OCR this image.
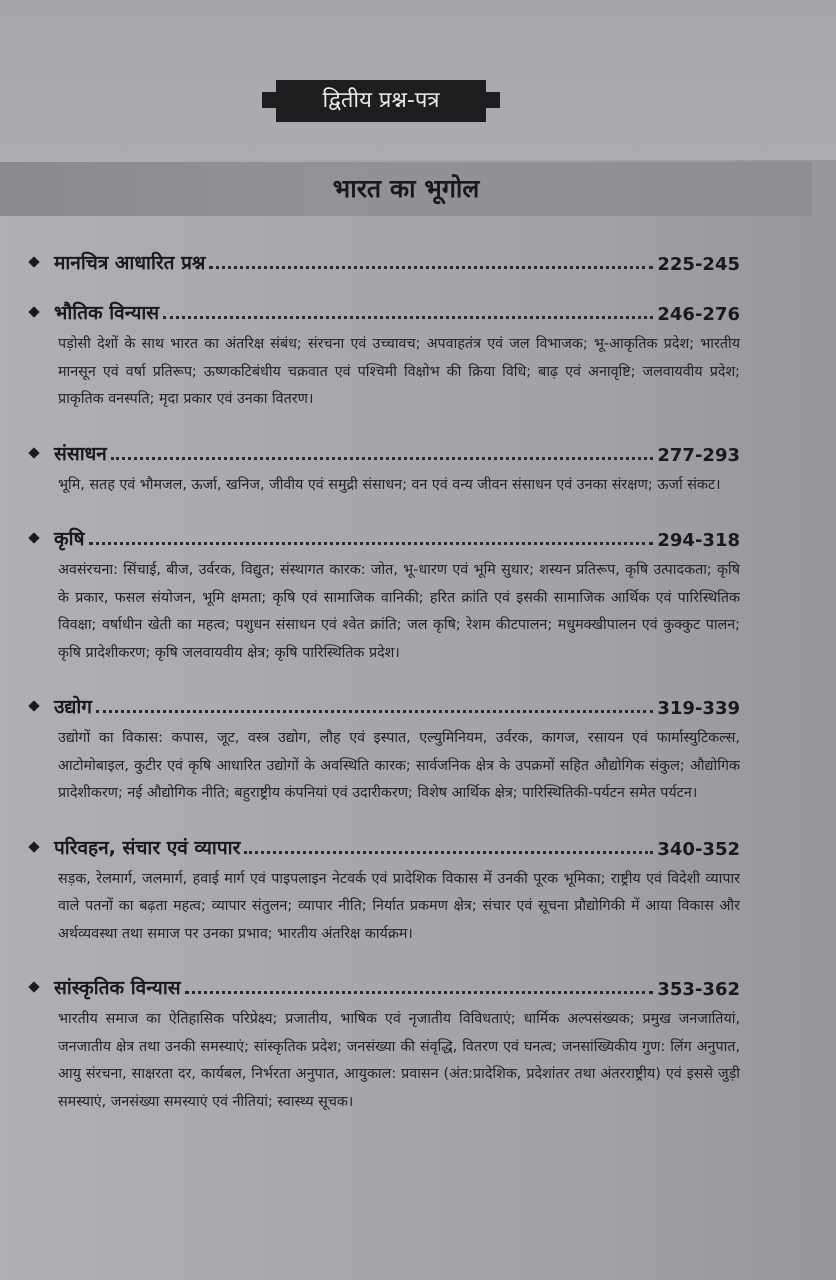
द्वितीय प्रश्न-पत्र
भारत का भूगोल
मानचित्र आधारित प्रश्न	225-245
भौतिक विन्यास	246-276
पड़ोसी देशों के साथ भारत का अंतरिक्ष संबंध; संरचना एवं उच्चावच; अपवाहतंत्र एवं जल विभाजक; भू-आकृतिक प्रदेश; भारतीय मानसून एवं वर्षा प्रतिरूप; ऊष्णकटिबंधीय चक्रवात एवं पश्चिमी विक्षोभ की क्रिया विधि; बाढ़ एवं अनावृष्टि; जलवायवीय प्रदेश; प्राकृतिक वनस्पति; मृदा प्रकार एवं उनका वितरण।
संसाधन	277-293
भूमि, सतह एवं भौमजल, ऊर्जा, खनिज, जीवीय एवं समुद्री संसाधन; वन एवं वन्य जीवन संसाधन एवं उनका संरक्षण; ऊर्जा संकट।
कृषि	294-318
अवसंरचना: सिंचाई, बीज, उर्वरक, विद्युत; संस्थागत कारक: जोत, भू-धारण एवं भूमि सुधार; शस्यन प्रतिरूप, कृषि उत्पादकता; कृषि के प्रकार, फसल संयोजन, भूमि क्षमता; कृषि एवं सामाजिक वानिकी; हरित क्रांति एवं इसकी सामाजिक आर्थिक एवं पारिस्थितिक विवक्षा; वर्षाधीन खेती का महत्व; पशुधन संसाधन एवं श्वेत क्रांति; जल कृषि; रेशम कीटपालन; मधुमक्खीपालन एवं कुक्कुट पालन; कृषि प्रादेशीकरण; कृषि जलवायवीय क्षेत्र; कृषि पारिस्थितिक प्रदेश।
उद्योग	319-339
उद्योगों का विकास: कपास, जूट, वस्त्र उद्योग, लौह एवं इस्पात, एल्युमिनियम, उर्वरक, कागज, रसायन एवं फार्मास्युटिकल्स, आटोमोबाइल, कुटीर एवं कृषि आधारित उद्योगों के अवस्थिति कारक; सार्वजनिक क्षेत्र के उपक्रमों सहित औद्योगिक संकुल; औद्योगिक प्रादेशीकरण; नई औद्योगिक नीति; बहुराष्ट्रीय कंपनियां एवं उदारीकरण; विशेष आर्थिक क्षेत्र; पारिस्थितिकी-पर्यटन समेत पर्यटन।
परिवहन, संचार एवं व्यापार	340-352
सड़क, रेलमार्ग, जलमार्ग, हवाई मार्ग एवं पाइपलाइन नेटवर्क एवं प्रादेशिक विकास में उनकी पूरक भूमिका; राष्ट्रीय एवं विदेशी व्यापार वाले पतनों का बढ़ता महत्व; व्यापार संतुलन; व्यापार नीति; निर्यात प्रकमण क्षेत्र; संचार एवं सूचना प्रौद्योगिकी में आया विकास और अर्थव्यवस्था तथा समाज पर उनका प्रभाव; भारतीय अंतरिक्ष कार्यक्रम।
सांस्कृतिक विन्यास	353-362
भारतीय समाज का ऐतिहासिक परिप्रेक्ष्य; प्रजातीय, भाषिक एवं नृजातीय विविधताएं; धार्मिक अल्पसंख्यक; प्रमुख जनजातियां, जनजातीय क्षेत्र तथा उनकी समस्याएं; सांस्कृतिक प्रदेश; जनसंख्या की संवृद्धि, वितरण एवं घनत्व; जनसांख्यिकीय गुण: लिंग अनुपात, आयु संरचना, साक्षरता दर, कार्यबल, निर्भरता अनुपात, आयुकाल: प्रवासन (अंत:प्रादेशिक, प्रदेशांतर तथा अंतरराष्ट्रीय) एवं इससे जुड़ी समस्याएं, जनसंख्या समस्याएं एवं नीतियां; स्वास्थ्य सूचक।
